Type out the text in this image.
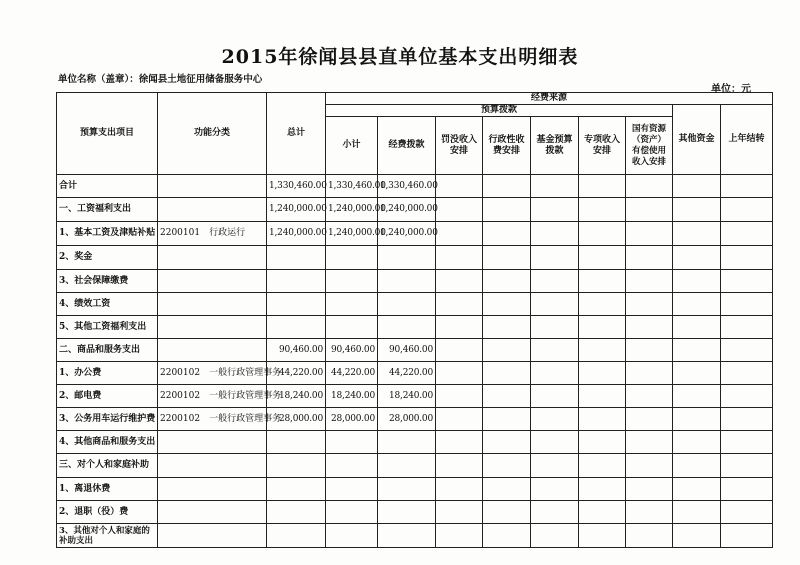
2015年徐闻县县直单位基本支出明细表
单位名称（盖章）：徐闻县土地征用储备服务中心
单位：元
预算支出项目	功能分类	总计	经费来源								
			预算拨款							其他资金	上年结转
			小计	经费拨款	罚没收入安排	行政性收费安排	基金预算拨款	专项收入安排	国有资源（资产）有偿使用收入安排		
合计		1,330,460.00	1,330,460.00	1,330,460.00							
一、工资福利支出		1,240,000.00	1,240,000.00	1,240,000.00							
1、基本工资及津贴补贴	2200101　行政运行	1,240,000.00	1,240,000.00	1,240,000.00							
2、奖金											
3、社会保障缴费											
4、绩效工资											
5、其他工资福利支出											
二、商品和服务支出		90,460.00	90,460.00	90,460.00							
1、办公费	2200102　一般行政管理事务	44,220.00	44,220.00	44,220.00							
2、邮电费	2200102　一般行政管理事务	18,240.00	18,240.00	18,240.00							
3、公务用车运行维护费	2200102　一般行政管理事务	28,000.00	28,000.00	28,000.00							
4、其他商品和服务支出											
三、对个人和家庭补助											
1、离退休费											
2、退职（役）费											
3、其他对个人和家庭的补助支出											
